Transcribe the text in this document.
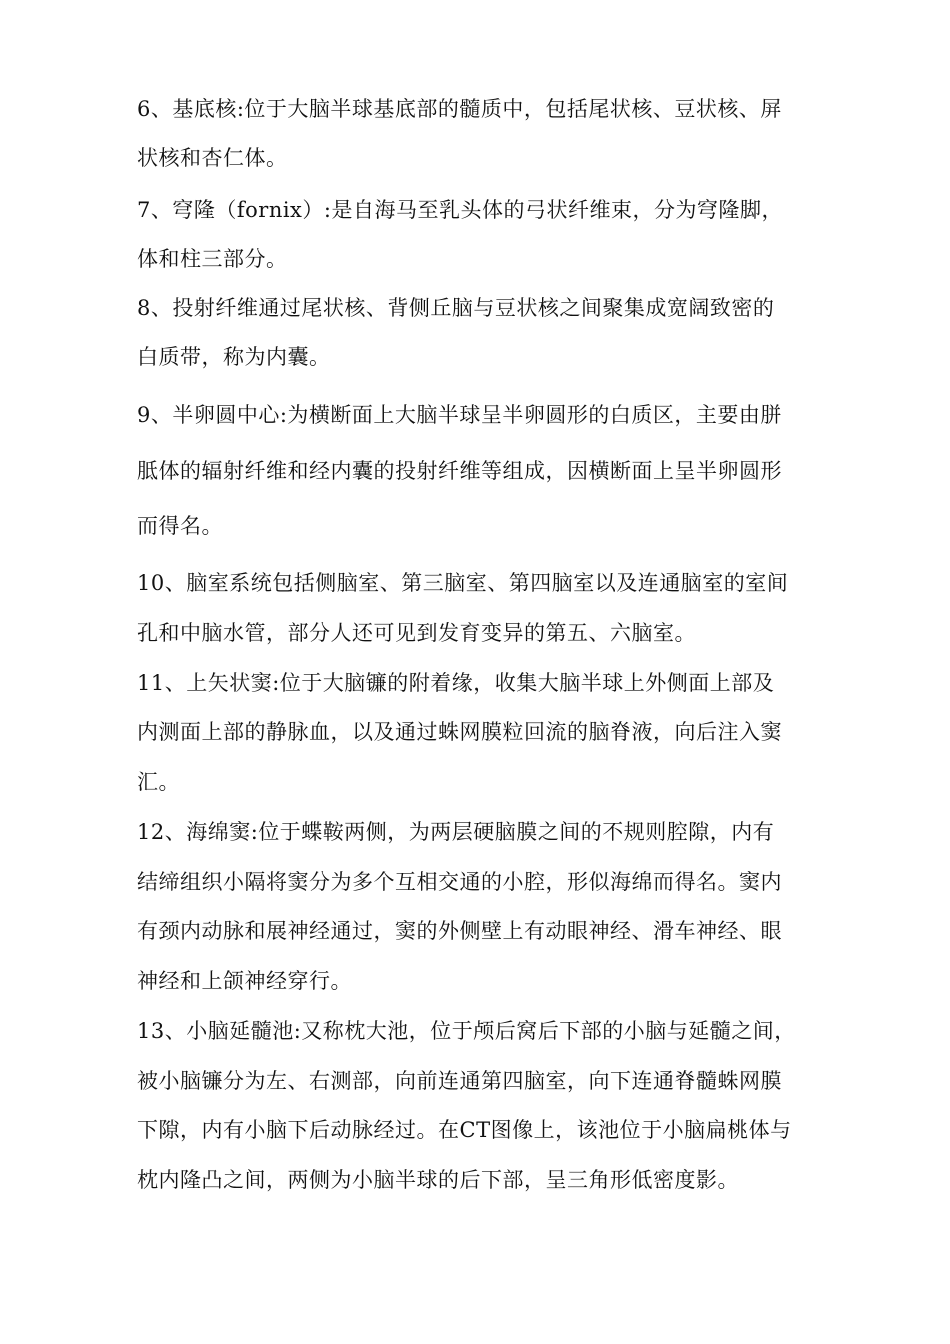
6、基底核:位于大脑半球基底部的髓质中，包括尾状核、豆状核、屏
状核和杏仁体。
7、穹隆（fornix）:是自海马至乳头体的弓状纤维束，分为穹隆脚，
体和柱三部分。
8、投射纤维通过尾状核、背侧丘脑与豆状核之间聚集成宽阔致密的
白质带，称为内囊。
9、半卵圆中心:为横断面上大脑半球呈半卵圆形的白质区，主要由胼
胝体的辐射纤维和经内囊的投射纤维等组成，因横断面上呈半卵圆形
而得名。
10、脑室系统包括侧脑室、第三脑室、第四脑室以及连通脑室的室间
孔和中脑水管，部分人还可见到发育变异的第五、六脑室。
11、上矢状窦:位于大脑镰的附着缘，收集大脑半球上外侧面上部及
内测面上部的静脉血，以及通过蛛网膜粒回流的脑脊液，向后注入窦
汇。
12、海绵窦:位于蝶鞍两侧，为两层硬脑膜之间的不规则腔隙，内有
结缔组织小隔将窦分为多个互相交通的小腔，形似海绵而得名。窦内
有颈内动脉和展神经通过，窦的外侧壁上有动眼神经、滑车神经、眼
神经和上颌神经穿行。
13、小脑延髓池:又称枕大池，位于颅后窝后下部的小脑与延髓之间，
被小脑镰分为左、右测部，向前连通第四脑室，向下连通脊髓蛛网膜
下隙，内有小脑下后动脉经过。在CT图像上，该池位于小脑扁桃体与
枕内隆凸之间，两侧为小脑半球的后下部，呈三角形低密度影。
